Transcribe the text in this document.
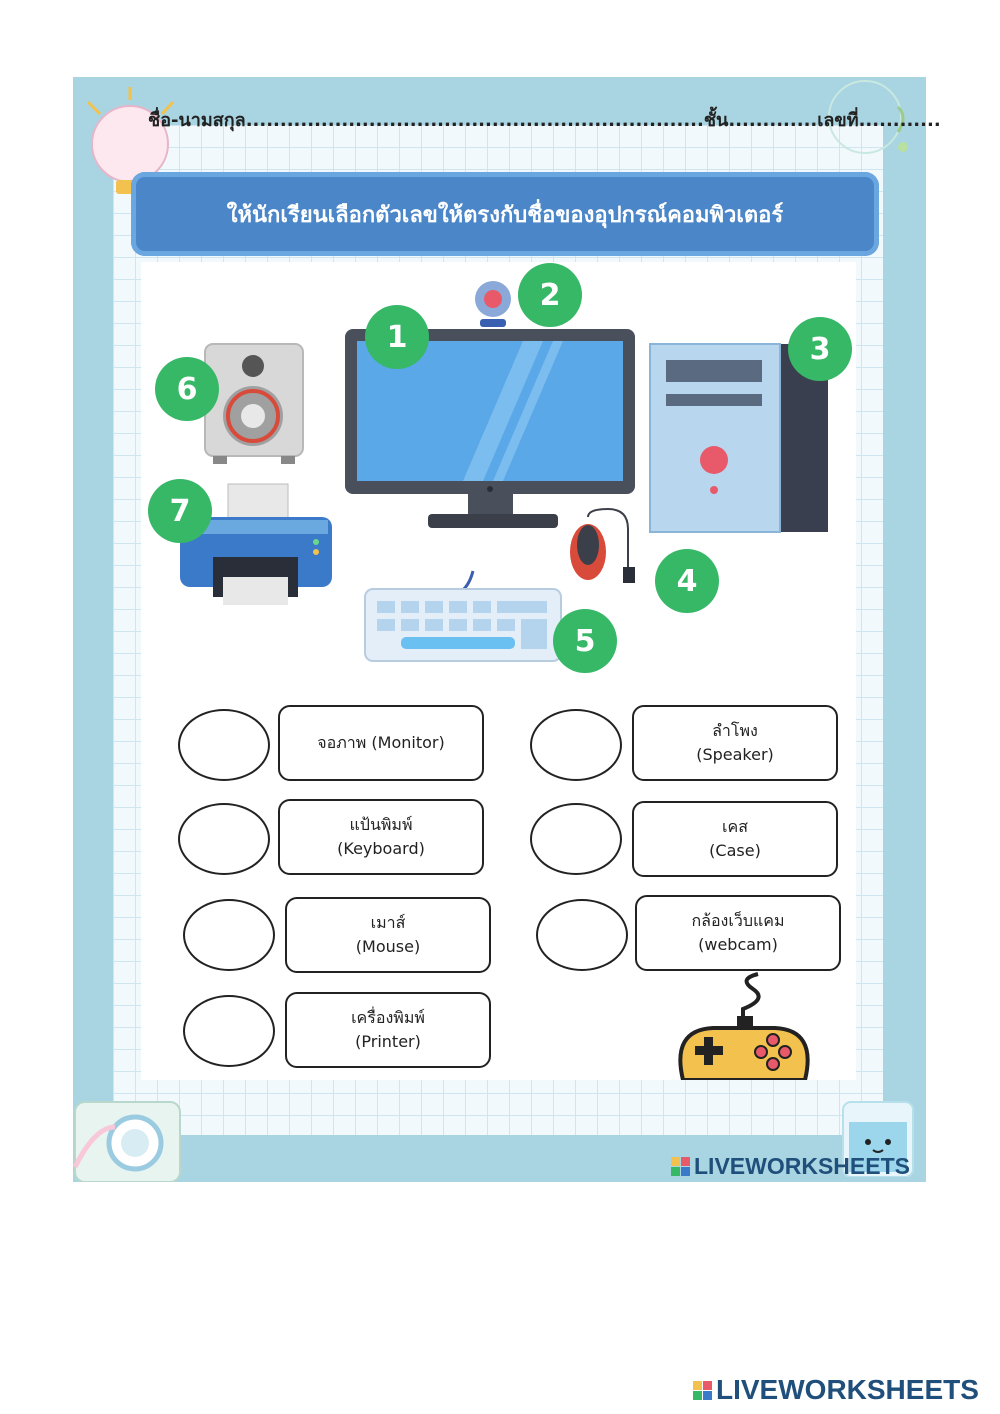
ชื่อ-นามสกุล...................................................................ชั้น.............เลขที่............
ให้นักเรียนเลือกตัวเลขให้ตรงกับชื่อของอุปกรณ์คอมพิวเตอร์
1
2
3
4
5
6
7
จอภาพ (Monitor)
แป้นพิมพ์
(Keyboard)
เมาส์
(Mouse)
เครื่องพิมพ์
(Printer)
ลำโพง
(Speaker)
เคส
(Case)
กล้องเว็บแคม
(webcam)
LIVEWORKSHEETS
LIVEWORKSHEETS
